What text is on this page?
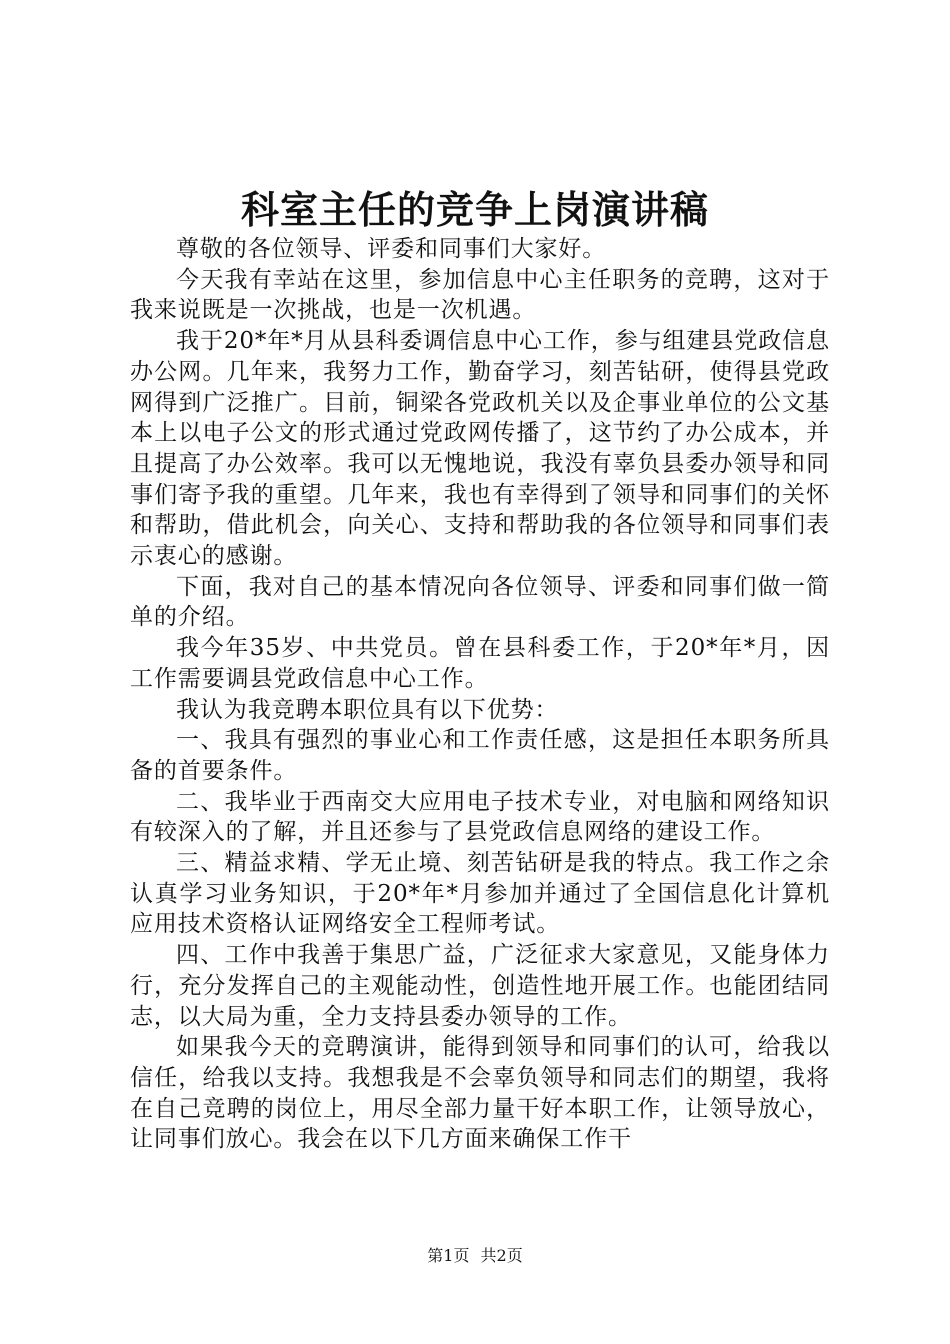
科室主任的竞争上岗演讲稿

尊敬的各位领导、评委和同事们大家好。

今天我有幸站在这里，参加信息中心主任职务的竞聘，这对于我来说既是一次挑战，也是一次机遇。

我于20*年*月从县科委调信息中心工作，参与组建县党政信息办公网。几年来，我努力工作，勤奋学习，刻苦钻研，使得县党政网得到广泛推广。目前，铜梁各党政机关以及企事业单位的公文基本上以电子公文的形式通过党政网传播了，这节约了办公成本，并且提高了办公效率。我可以无愧地说，我没有辜负县委办领导和同事们寄予我的重望。几年来，我也有幸得到了领导和同事们的关怀和帮助，借此机会，向关心、支持和帮助我的各位领导和同事们表示衷心的感谢。

下面，我对自己的基本情况向各位领导、评委和同事们做一简单的介绍。

我今年35岁、中共党员。曾在县科委工作，于20*年*月，因工作需要调县党政信息中心工作。

我认为我竞聘本职位具有以下优势：

一、我具有强烈的事业心和工作责任感，这是担任本职务所具备的首要条件。

二、我毕业于西南交大应用电子技术专业，对电脑和网络知识有较深入的了解，并且还参与了县党政信息网络的建设工作。

三、精益求精、学无止境、刻苦钻研是我的特点。我工作之余认真学习业务知识，于20*年*月参加并通过了全国信息化计算机应用技术资格认证网络安全工程师考试。

四、工作中我善于集思广益，广泛征求大家意见，又能身体力行，充分发挥自己的主观能动性，创造性地开展工作。也能团结同志，以大局为重，全力支持县委办领导的工作。

如果我今天的竞聘演讲，能得到领导和同事们的认可，给我以信任，给我以支持。我想我是不会辜负领导和同志们的期望，我将在自己竞聘的岗位上，用尽全部力量干好本职工作，让领导放心，让同事们放心。我会在以下几方面来确保工作干

第1页 共2页
